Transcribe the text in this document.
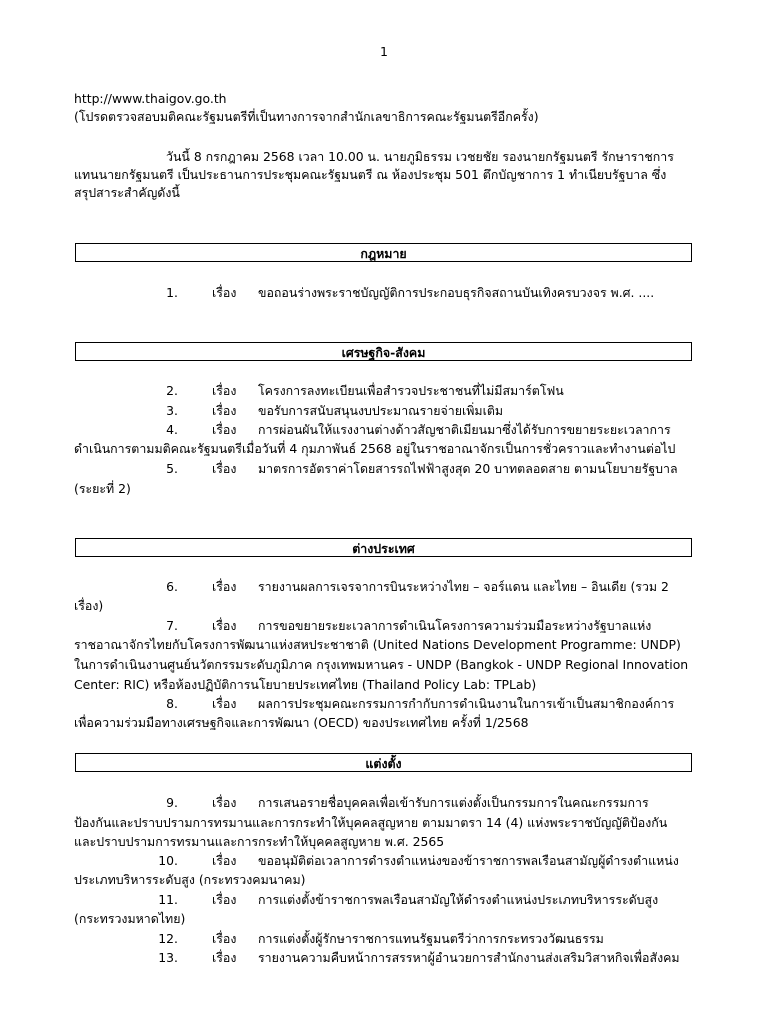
1
http://www.thaigov.go.th
(โปรดตรวจสอบมติคณะรัฐมนตรีที่เป็นทางการจากสำนักเลขาธิการคณะรัฐมนตรีอีกครั้ง)
วันนี้ 8 กรกฎาคม 2568 เวลา 10.00 น. นายภูมิธรรม เวชยชัย รองนายกรัฐมนตรี รักษาราชการ
แทนนายกรัฐมนตรี เป็นประธานการประชุมคณะรัฐมนตรี ณ ห้องประชุม 501 ตึกบัญชาการ 1 ทำเนียบรัฐบาล ซึ่ง
สรุปสาระสำคัญดังนี้
กฎหมาย
1.	เรื่อง ขอถอนร่างพระราชบัญญัติการประกอบธุรกิจสถานบันเทิงครบวงจร พ.ศ. ....
เศรษฐกิจ-สังคม
2.	เรื่อง โครงการลงทะเบียนเพื่อสำรวจประชาชนที่ไม่มีสมาร์ตโฟน
3.	เรื่อง ขอรับการสนับสนุนงบประมาณรายจ่ายเพิ่มเติม
4.	เรื่อง การผ่อนผันให้แรงงานต่างด้าวสัญชาติเมียนมาซึ่งได้รับการขยายระยะเวลาการ
ดำเนินการตามมติคณะรัฐมนตรีเมื่อวันที่ 4 กุมภาพันธ์ 2568 อยู่ในราชอาณาจักรเป็นการชั่วคราวและทำงานต่อไป
5.	เรื่อง มาตรการอัตราค่าโดยสารรถไฟฟ้าสูงสุด 20 บาทตลอดสาย ตามนโยบายรัฐบาล
(ระยะที่ 2)
ต่างประเทศ
6.	เรื่อง รายงานผลการเจรจาการบินระหว่างไทย – จอร์แดน และไทย – อินเดีย (รวม 2
เรื่อง)
7.	เรื่อง การขอขยายระยะเวลาการดำเนินโครงการความร่วมมือระหว่างรัฐบาลแห่ง
ราชอาณาจักรไทยกับโครงการพัฒนาแห่งสหประชาชาติ (United Nations Development Programme: UNDP)
ในการดำเนินงานศูนย์นวัตกรรมระดับภูมิภาค กรุงเทพมหานคร - UNDP (Bangkok - UNDP Regional Innovation
Center: RIC) หรือห้องปฏิบัติการนโยบายประเทศไทย (Thailand Policy Lab: TPLab)
8.	เรื่อง ผลการประชุมคณะกรรมการกำกับการดำเนินงานในการเข้าเป็นสมาชิกองค์การ
เพื่อความร่วมมือทางเศรษฐกิจและการพัฒนา (OECD) ของประเทศไทย ครั้งที่ 1/2568
แต่งตั้ง
9.	เรื่อง การเสนอรายชื่อบุคคลเพื่อเข้ารับการแต่งตั้งเป็นกรรมการในคณะกรรมการ
ป้องกันและปราบปรามการทรมานและการกระทำให้บุคคลสูญหาย ตามมาตรา 14 (4) แห่งพระราชบัญญัติป้องกัน
และปราบปรามการทรมานและการกระทำให้บุคคลสูญหาย พ.ศ. 2565
10.	เรื่อง ขออนุมัติต่อเวลาการดำรงตำแหน่งของข้าราชการพลเรือนสามัญผู้ดำรงตำแหน่ง
ประเภทบริหารระดับสูง (กระทรวงคมนาคม)
11.	เรื่อง การแต่งตั้งข้าราชการพลเรือนสามัญให้ดำรงตำแหน่งประเภทบริหารระดับสูง
(กระทรวงมหาดไทย)
12.	เรื่อง การแต่งตั้งผู้รักษาราชการแทนรัฐมนตรีว่าการกระทรวงวัฒนธรรม
13.	เรื่อง รายงานความคืบหน้าการสรรหาผู้อำนวยการสำนักงานส่งเสริมวิสาหกิจเพื่อสังคม
